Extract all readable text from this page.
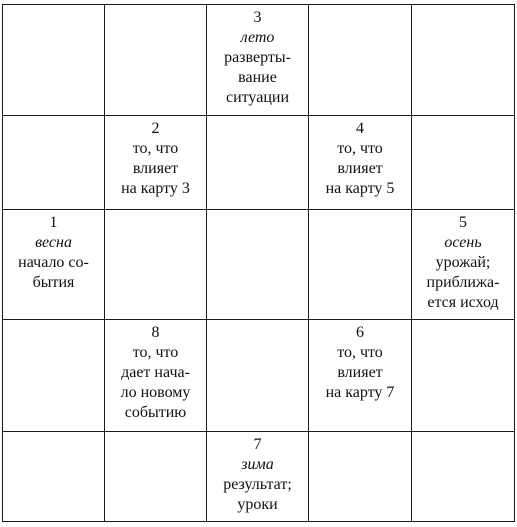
		3
лето
разверты-
вание
ситуации		

	2
то, что
влияет
на карту 3		4
то, что
влияет
на карту 5	

1
весна
начало со-
бытия				5
осень
урожай;
приближа-
ется исход

	8
то, что
дает нача-
ло новому
событию		6
то, что
влияет
на карту 7	

		7
зима
результат;
уроки		
